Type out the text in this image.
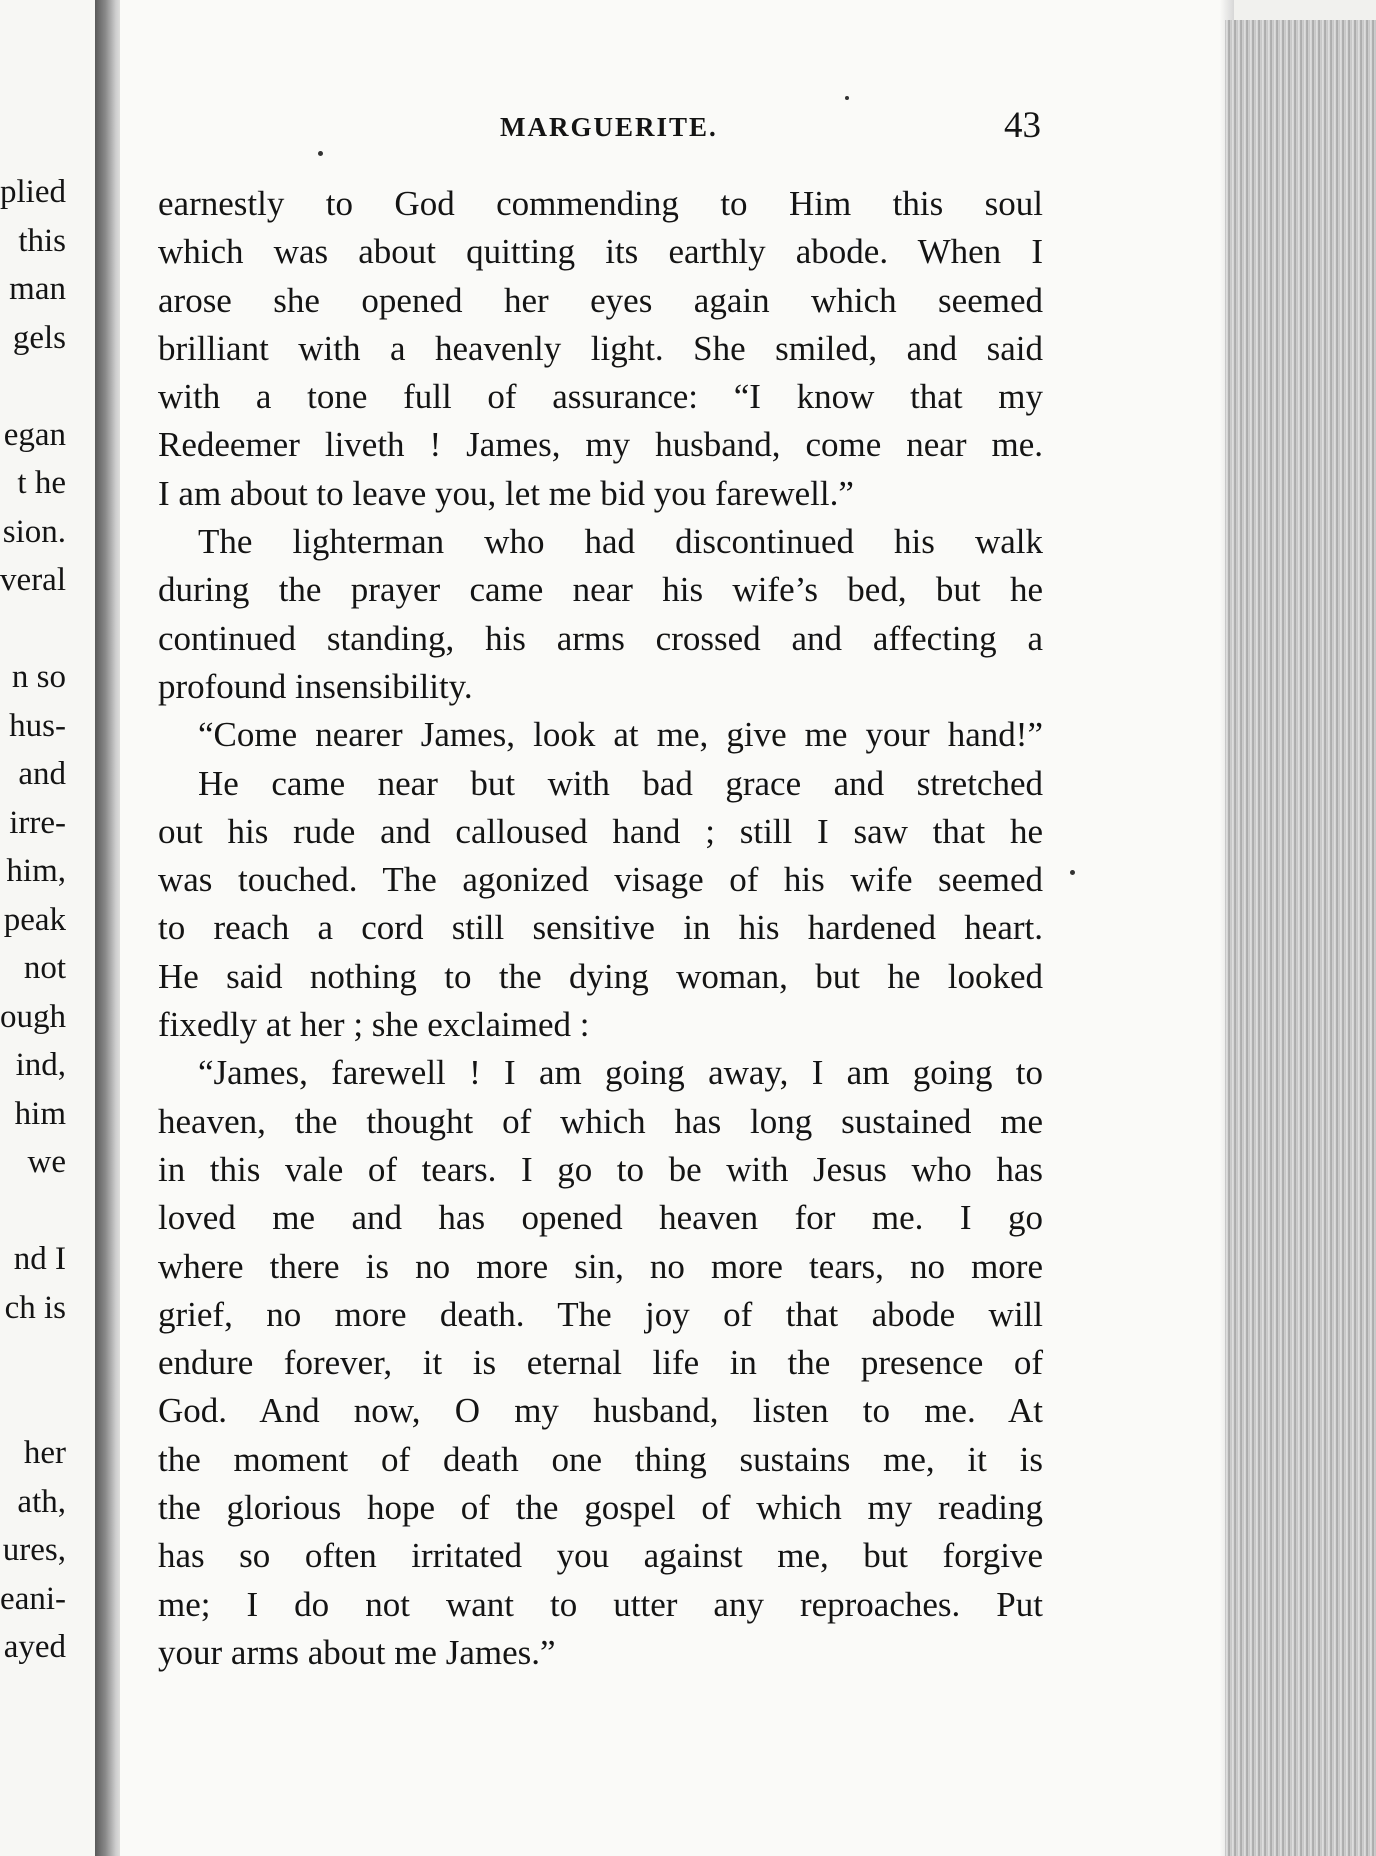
plied
this
man
gels
egan
t he
sion.
veral
n so
hus-
and
irre-
him,
peak
not
ough
ind,
him
we
nd I
ch is
her
ath,
ures,
eani-
ayed
MARGUERITE.	43
earnestly to God commending to Him this soul
which was about quitting its earthly abode. When I
arose she opened her eyes again which seemed
brilliant with a heavenly light. She smiled, and said
with a tone full of assurance: “I know that my
Redeemer liveth ! James, my husband, come near me.
I am about to leave you, let me bid you farewell.”
The lighterman who had discontinued his walk
during the prayer came near his wife’s bed, but he
continued standing, his arms crossed and affecting a
profound insensibility.
“Come nearer James, look at me, give me your hand!”
He came near but with bad grace and stretched
out his rude and calloused hand ; still I saw that he
was touched. The agonized visage of his wife seemed
to reach a cord still sensitive in his hardened heart.
He said nothing to the dying woman, but he looked
fixedly at her ; she exclaimed :
“James, farewell ! I am going away, I am going to
heaven, the thought of which has long sustained me
in this vale of tears. I go to be with Jesus who has
loved me and has opened heaven for me. I go
where there is no more sin, no more tears, no more
grief, no more death. The joy of that abode will
endure forever, it is eternal life in the presence of
God. And now, O my husband, listen to me. At
the moment of death one thing sustains me, it is
the glorious hope of the gospel of which my reading
has so often irritated you against me, but forgive
me; I do not want to utter any reproaches. Put
your arms about me James.”
